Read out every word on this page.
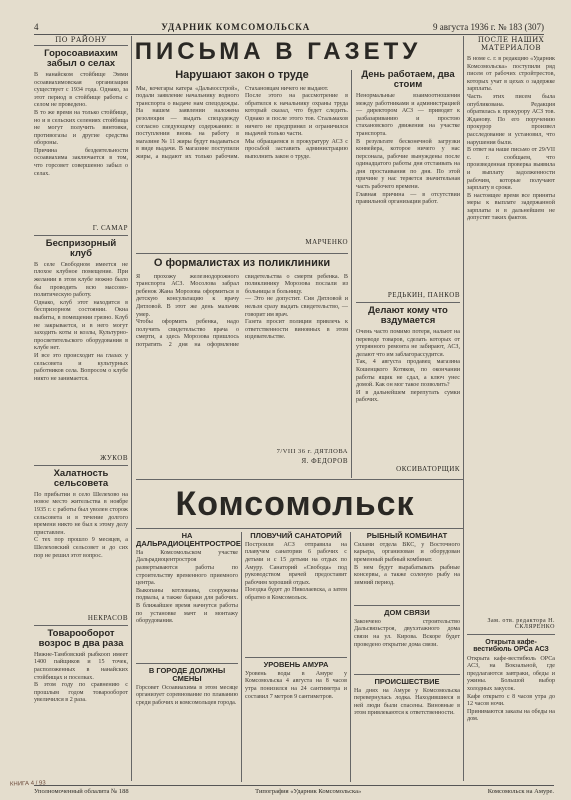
4	УДАРНИК КОМСОМОЛЬСКА	9 августа 1936 г. № 183 (307)
ПИСЬМА В ГАЗЕТУ
ПО РАЙОНУ
Горосоавиахим забыл о селах
В нанайском стойбище Эмми осоавиахимовская организация существует с 1934 года. Однако, за этот период в стойбище работы с селом не проведено.
В то же время на только стойбище, но и в сельских селениях стойбища не могут получить винтовки, противогазы и другие средства обороны.
Причина бездеятельности осоавиахима заключается в том, что горсовет совершенно забыл о селах.
Г. САМАР
Беспризорный клуб
В селе Свободном имеется не плохое клубное помещение. При желании в этом клубе можно было бы проводить всю массово-политическую работу.
Однако, клуб этот находится в беспризорном состоянии. Окна выбиты, в помещении грязно. Клуб не закрывается, и в него могут заходить коты и козлы, Культурно-просветительского оборудования в клубе нет.
И все это происходит на глазах у сельсовета и культурных работников села. Вопросом о клубе никто не занимается.
ЖУКОВ
Халатность сельсовета
По прибытии в село Шелехово на новое место жительства в ноябре 1935 г. с работы был уволен сторож сельсовета и в течение долгого времени никто не был к этому делу приставлен.
С тех пор прошло 9 месяцев, а Шелеховский сельсовет и до сих пор не решил этот вопрос.
НЕКРАСОВ
Товарооборот возрос в два раза
Нижне-Тамбовский рыбкооп имеет 1400 пайщиков и 15 точек, расположенных в нанайских стойбищах и поселках.
В этом году по сравнению с прошлым годом товарооборот увеличился в 2 раза.
Нарушают закон о труде
Мы, кочегары катера «Дальвосстрой», подали заявление начальнику водного транспорта о выдаче нам спецодежды. На нашем заявлении наложена резолюция — выдать спецодежду согласно следующему содержанию: в поступлении вновь на работу в магазине № 11 жиры будут выдаваться в виде выдачи. В магазине поступили жиры, а выдают их только рабочим. Стахановцам ничего не выдают.
После этого на рассмотрение в обратился к начальнику охраны труда который сказал, что будет следить. Однако и после этого тов. Стальмахов ничего не предпринял и ограничился выдачей только части.
Мы обращаемся в прокуратуру АСЗ с просьбой заставить администрацию выполнить закон о труде.
МАРЧЕНКО
О формалистах из поликлиники
Я прохожу железнодорожного транспорта АСЗ. Мосолова забрал ребенок Жана Морозова оформиться в детскую консультацию к врачу Дятловой. В этот же день мальчик умер.
Чтобы оформить ребенка, надо получить свидетельство врача о смерти, а здесь Морозова пришлось потратить 2 дня на оформление свидетельства о смерти ребенка. В поликлинику Морозова послали из больницы в больницу.
— Это не допустит. Сия Дятловой и нельзя сразу выдать свидетельство, — говорит им врач.
Газета просит полиции привлечь к ответственности виновных в этом издевательстве.
7/VIII 36 г. ДЯТЛОВА
Я. ФЕДОРОВ
День работаем, два стоим
Ненормальные взаимоотношения между работниками и администрацией — директором АСЗ — приводят к разбазариванию и простою стахановского движения на участке транспорта.
В результате бесконечной загрузки конвейера, которое ничего у нас персонала, рабочие вынуждены после одинадцатого работы дня отстаивать на дня простаивания по дня. По этой причине у нас теряется значительная часть рабочего времени.
Главная причина — в отсутствии правильной организации работ.
РЕДЬКИН, ПАНКОВ
Делают кому что вздумается
Очень часто помимо потеря, нальют на переводе товаров, сделать которых от утерянного ремонта не забирают, АСЗ, делают что им заблагорассудится.
Так, 4 августа продавец магазина Кошенцкого Котяков, по окончании работы ящик не сдал, а ключ унес домой. Как он мог такое позволить?
И в дальнейшем перепутать сумки рабочих.
ОКСИВАТОРЩИК
ПОСЛЕ НАШИХ МАТЕРИАЛОВ
В номе с. г. в редакцию «Ударник Комсомольска» поступили ряд писем от рабочих стройтрестов, которых учат в цехах о задержке зарплаты.
Часть этих писем была опубликована. Редакция обратилась к прокурору АСЗ тов. Жданову. По его поручению прокурор произвел расследование и установил, что нарушения были.
В ответ на наше письмо от 29/VII с. г. сообщаем, что произведенная проверка выявила и выплату задолженности рабочим, которые получают зарплату в сроки.
В настоящее время все приняты меры к выплате задержанной зарплаты и в дальнейшем не допустят таких фактов.
Зам. отв. редактора Н. СКЛЯРЕНКО
Открыта кафе-вестибюль ОРСа АСЗ
Открыта кафе-вестибюль ОРСа АСЗ, на Вокзальной, где предлагаются завтраки, обеды и ужины. Большой выбор холодных закусок.
Кафе открыто с 8 часов утра до 12 часов ночи.
Принимаются заказы на обеды на дом.
Комсомольск
НА ДАЛЬРАДИОЦЕНТРОСТРОЕ
На Комсомольском участке Дальрадиоцентростроя развертываются работы по строительству временного приемного центра.
Выкопаны котлованы, сооружены подвалы, а также бараки для рабочих. В ближайшее время начнутся работы по установке мачт и монтажу оборудования.
В ГОРОДЕ ДОЛЖНЫ СМЕНЫ
Горсовет Осоавиахима в этом месяце организует соревнование по плаванию среди рабочих и комсомольцев города.
ПЛОВУЧИЙ САНАТОРИЙ
Построили АСЗ отправила на плавучем санатории 6 рабочих с детьми и с 15 детьми на отдых по Амуру. Санаторий «Свобода» под руководством врачей предоставит рабочим хороший отдых.
Поездка будет до Николаевска, а затем обратно в Комсомольск.
УРОВЕНЬ АМУРА
Уровень воды в Амуре у Комсомольска 4 августа на 8 часов утра понизился на 24 сантиметра и составил 7 метров 9 сантиметров.
РЫБНЫЙ КОМБИНАТ
Силами отдела ВКС, у Восточного карьера, организован и оборудован временный рыбный комбинат.
В нем будут вырабатывать рыбные консервы, а также соленую рыбу на зимний период.
ДОМ СВЯЗИ
Закончено строительство Дальсвязьстроя, двухэтажного дома связи на ул. Кирова. Вскоре будет проведено открытие дома связи.
ПРОИСШЕСТВИЕ
На днях на Амуре у Комсомольска перевернулась лодка. Находившиеся в ней люди были спасены. Виновные в этом привлекаются к ответственности.
Уполномоченный облалита № 188	Типография «Ударник Комсомольска»	Комсомольск на Амуре.
КНИГА 4 / 93
